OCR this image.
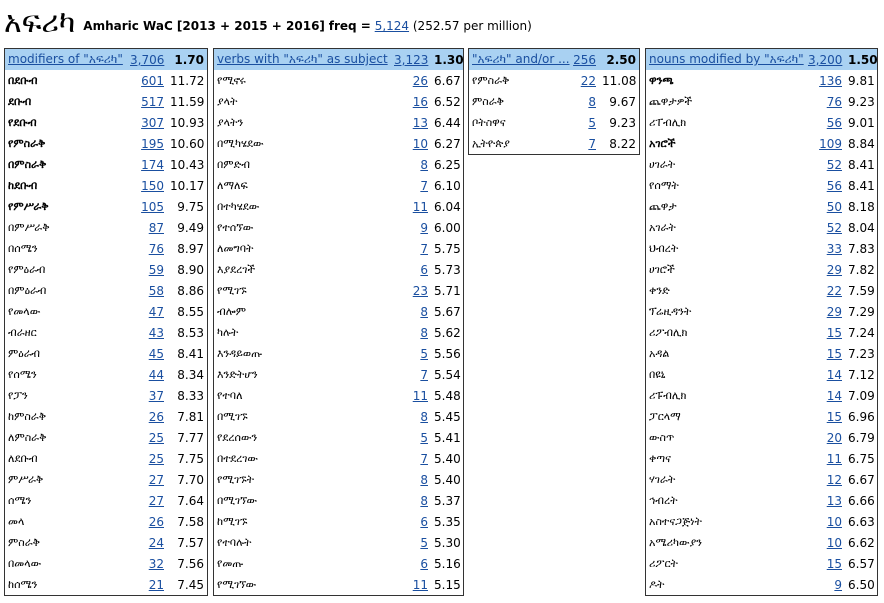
አፍሪካ Amharic WaC [2013 + 2015 + 2016] freq = 5,124 (252.57 per million)
modifiers of "አፍሪካ"	3,706	1.70
በደቡብ	601	11.72
ደቡብ	517	11.59
የደቡብ	307	10.93
የምስራቅ	195	10.60
በምስራቅ	174	10.43
ከደቡብ	150	10.17
የምሥራቅ	105	9.75
በምሥራቅ	87	9.49
በሰሜን	76	8.97
የምዕራብ	59	8.90
በምዕራብ	58	8.86
የመላው	47	8.55
ብራዘር	43	8.53
ምዕራብ	45	8.41
የሰሜን	44	8.34
የፓን	37	8.33
ከምስራቅ	26	7.81
ለምስራቅ	25	7.77
ለደቡብ	25	7.75
ምሥራቅ	27	7.70
ሰሜን	27	7.64
መላ	26	7.58
ምስራቅ	24	7.57
በመላው	32	7.56
ከሰሜን	21	7.45
verbs with "አፍሪካ" as subject	3,123	1.30
የሚኖሩ	26	6.67
ያላት	16	6.52
ያላትን	13	6.44
በሚካሄደው	10	6.27
በምድብ	8	6.25
ለማለፍ	7	6.10
በተካሄደው	11	6.04
የተሰኘው	9	6.00
ለመግባት	7	5.75
እያደረገች	6	5.73
የሚገኙ	23	5.71
ብሎም	8	5.67
ካሉት	8	5.62
እንዳይወጡ	5	5.56
እንድትሆን	7	5.54
የተባለ	11	5.48
በሚገኙ	8	5.45
የደረሰውን	5	5.41
በተደረገው	7	5.40
የሚገኙት	8	5.40
በሚገኘው	8	5.37
ከሚገኙ	6	5.35
የተባሉት	5	5.30
የመጡ	6	5.16
የሚገኘው	11	5.15
"አፍሪካ" and/or ...	256	2.50
የምስራቅ	22	11.08
ምስራቅ	8	9.67
ቦትስዋና	5	9.23
ኢትዮጵያ	7	8.22
nouns modified by "አፍሪካ"	3,200	1.50
ዋንጫ	136	9.81
ጨዋታዎች	76	9.23
ሪፐብሊክ	56	9.01
አገሮች	109	8.84
ሀገራት	52	8.41
የሰማት	56	8.41
ጨዋታ	50	8.18
አገራት	52	8.04
ህብረት	33	7.83
ሀገሮች	29	7.82
ቀንድ	22	7.59
ፕሬዚዳንት	29	7.29
ሪፖብሊክ	15	7.24
አዳል	15	7.23
በዩኒ	14	7.12
ሪፑብሊክ	14	7.09
ፓርላማ	15	6.96
ውስጥ	20	6.79
ቀጣና	11	6.75
ሃገራት	12	6.67
ኅብረት	13	6.66
አስተናጋጅነት	10	6.63
አሜሪካውያን	10	6.62
ሪፖርት	15	6.57
ዶት	9	6.50
